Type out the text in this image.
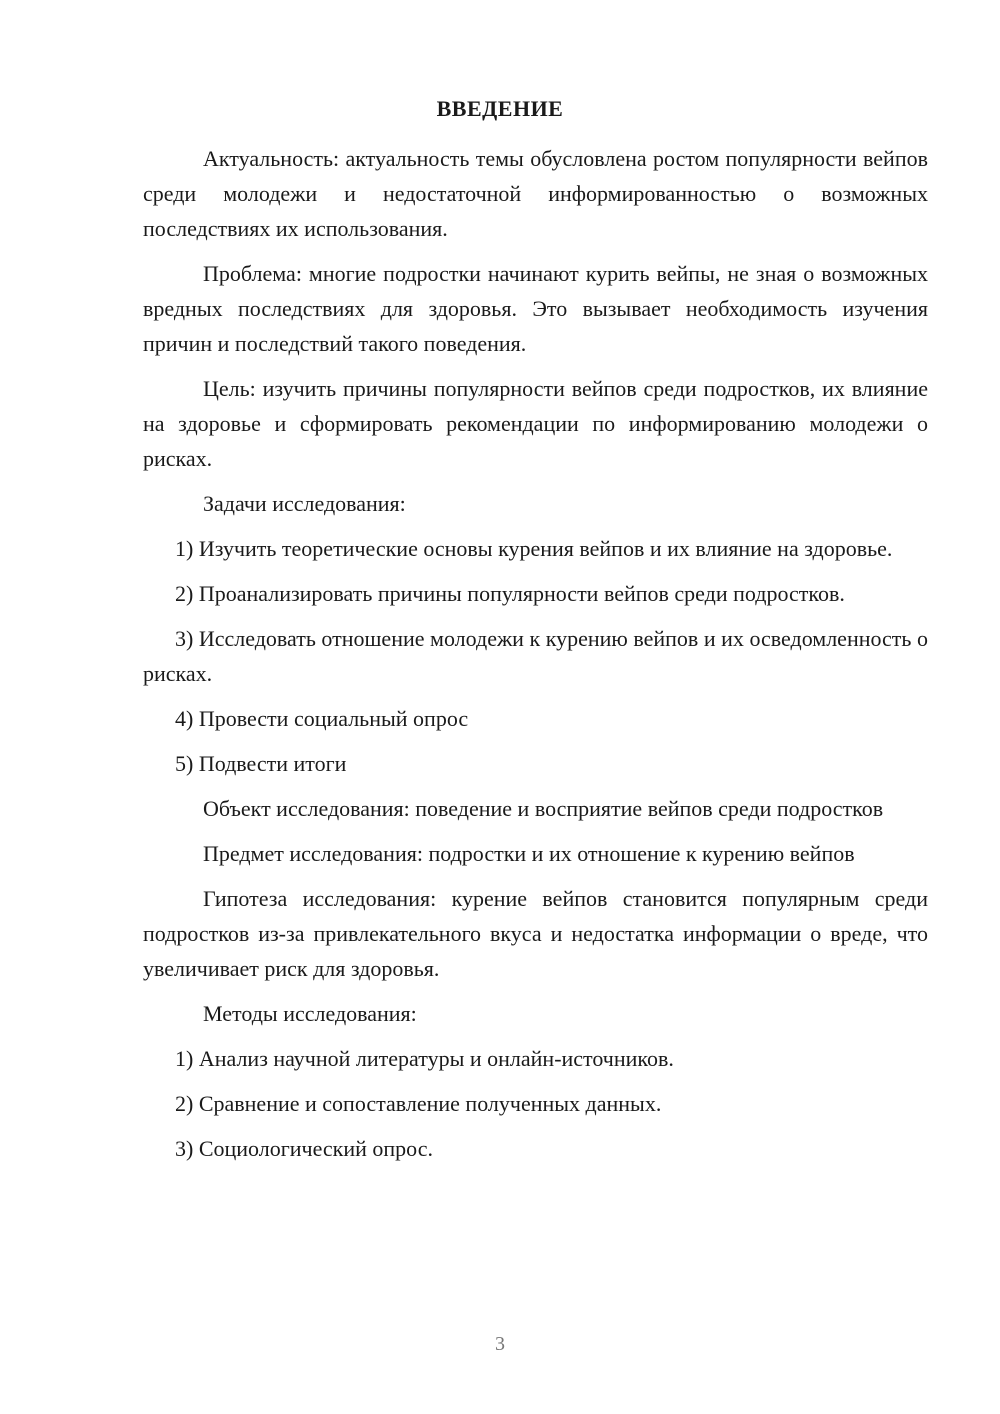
ВВЕДЕНИЕ

Актуальность: актуальность темы обусловлена ростом популярности вейпов среди молодежи и недостаточной информированностью о возможных последствиях их использования.

Проблема: многие подростки начинают курить вейпы, не зная о возможных вредных последствиях для здоровья. Это вызывает необходимость изучения причин и последствий такого поведения.

Цель: изучить причины популярности вейпов среди подростков, их влияние на здоровье и сформировать рекомендации по информированию молодежи о рисках.

Задачи исследования:

1) Изучить теоретические основы курения вейпов и их влияние на здоровье.

2) Проанализировать причины популярности вейпов среди подростков.

3) Исследовать отношение молодежи к курению вейпов и их осведомленность о рисках.

4) Провести социальный опрос

5) Подвести итоги

Объект исследования: поведение и восприятие вейпов среди подростков

Предмет исследования: подростки и их отношение к курению вейпов

Гипотеза исследования: курение вейпов становится популярным среди подростков из-за привлекательного вкуса и недостатка информации о вреде, что увеличивает риск для здоровья.

Методы исследования:

1) Анализ научной литературы и онлайн-источников.

2) Сравнение и сопоставление полученных данных.

3) Социологический опрос.

3
